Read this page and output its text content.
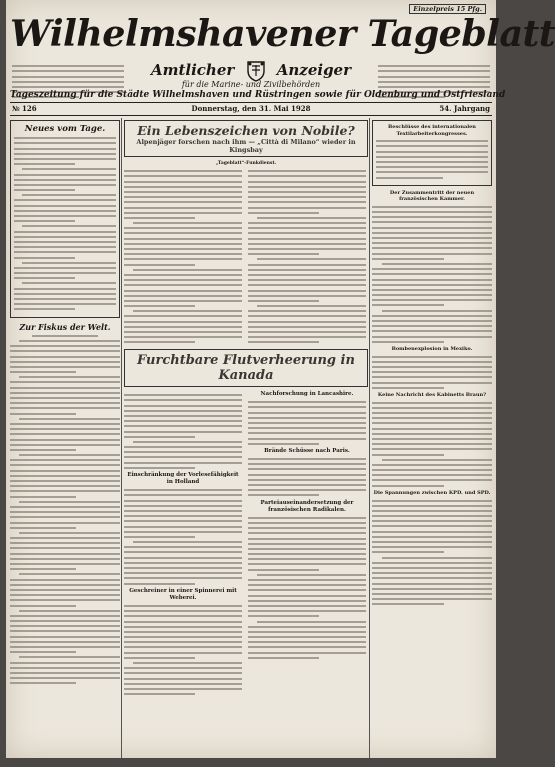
Einzelpreis 15 Pfg.
Wilhelmshavener Tageblatt
Amtlicher	Anzeiger
für die Marine- und Zivilbehörden
Tageszeitung für die Städte Wilhelmshaven und Rüstringen sowie für Oldenburg und Ostfriesland
№ 126	Donnerstag, den 31. Mai 1928	54. Jahrgang
Neues vom Tage.
Zur Fiskus der Welt.
Ein Lebenszeichen von Nobile?
Alpenjäger forschen nach ihm — „Città di Milano“ wieder in Kingsbay
„Tageblatt“-Funkdienst.
Furchtbare Flutverheerung in Kanada
Einschränkung der Vorlesefähigkeit in Holland
Geschreiner in einer Spinnerei mit Weberei.
Nachforschung in Lancashire.
Brände Schüsse nach Paris.
Parteiauseinandersetzung der französischen Radikalen.
Beschlüsse des internationalen Textilarbeiterkongresses.
Der Zusammentritt der neuen französischen Kammer.
Bombenexplosion in Mexiko.
Keine Nachricht des Kabinetts Braun?
Die Spannungen zwischen KPD. und SPD.
